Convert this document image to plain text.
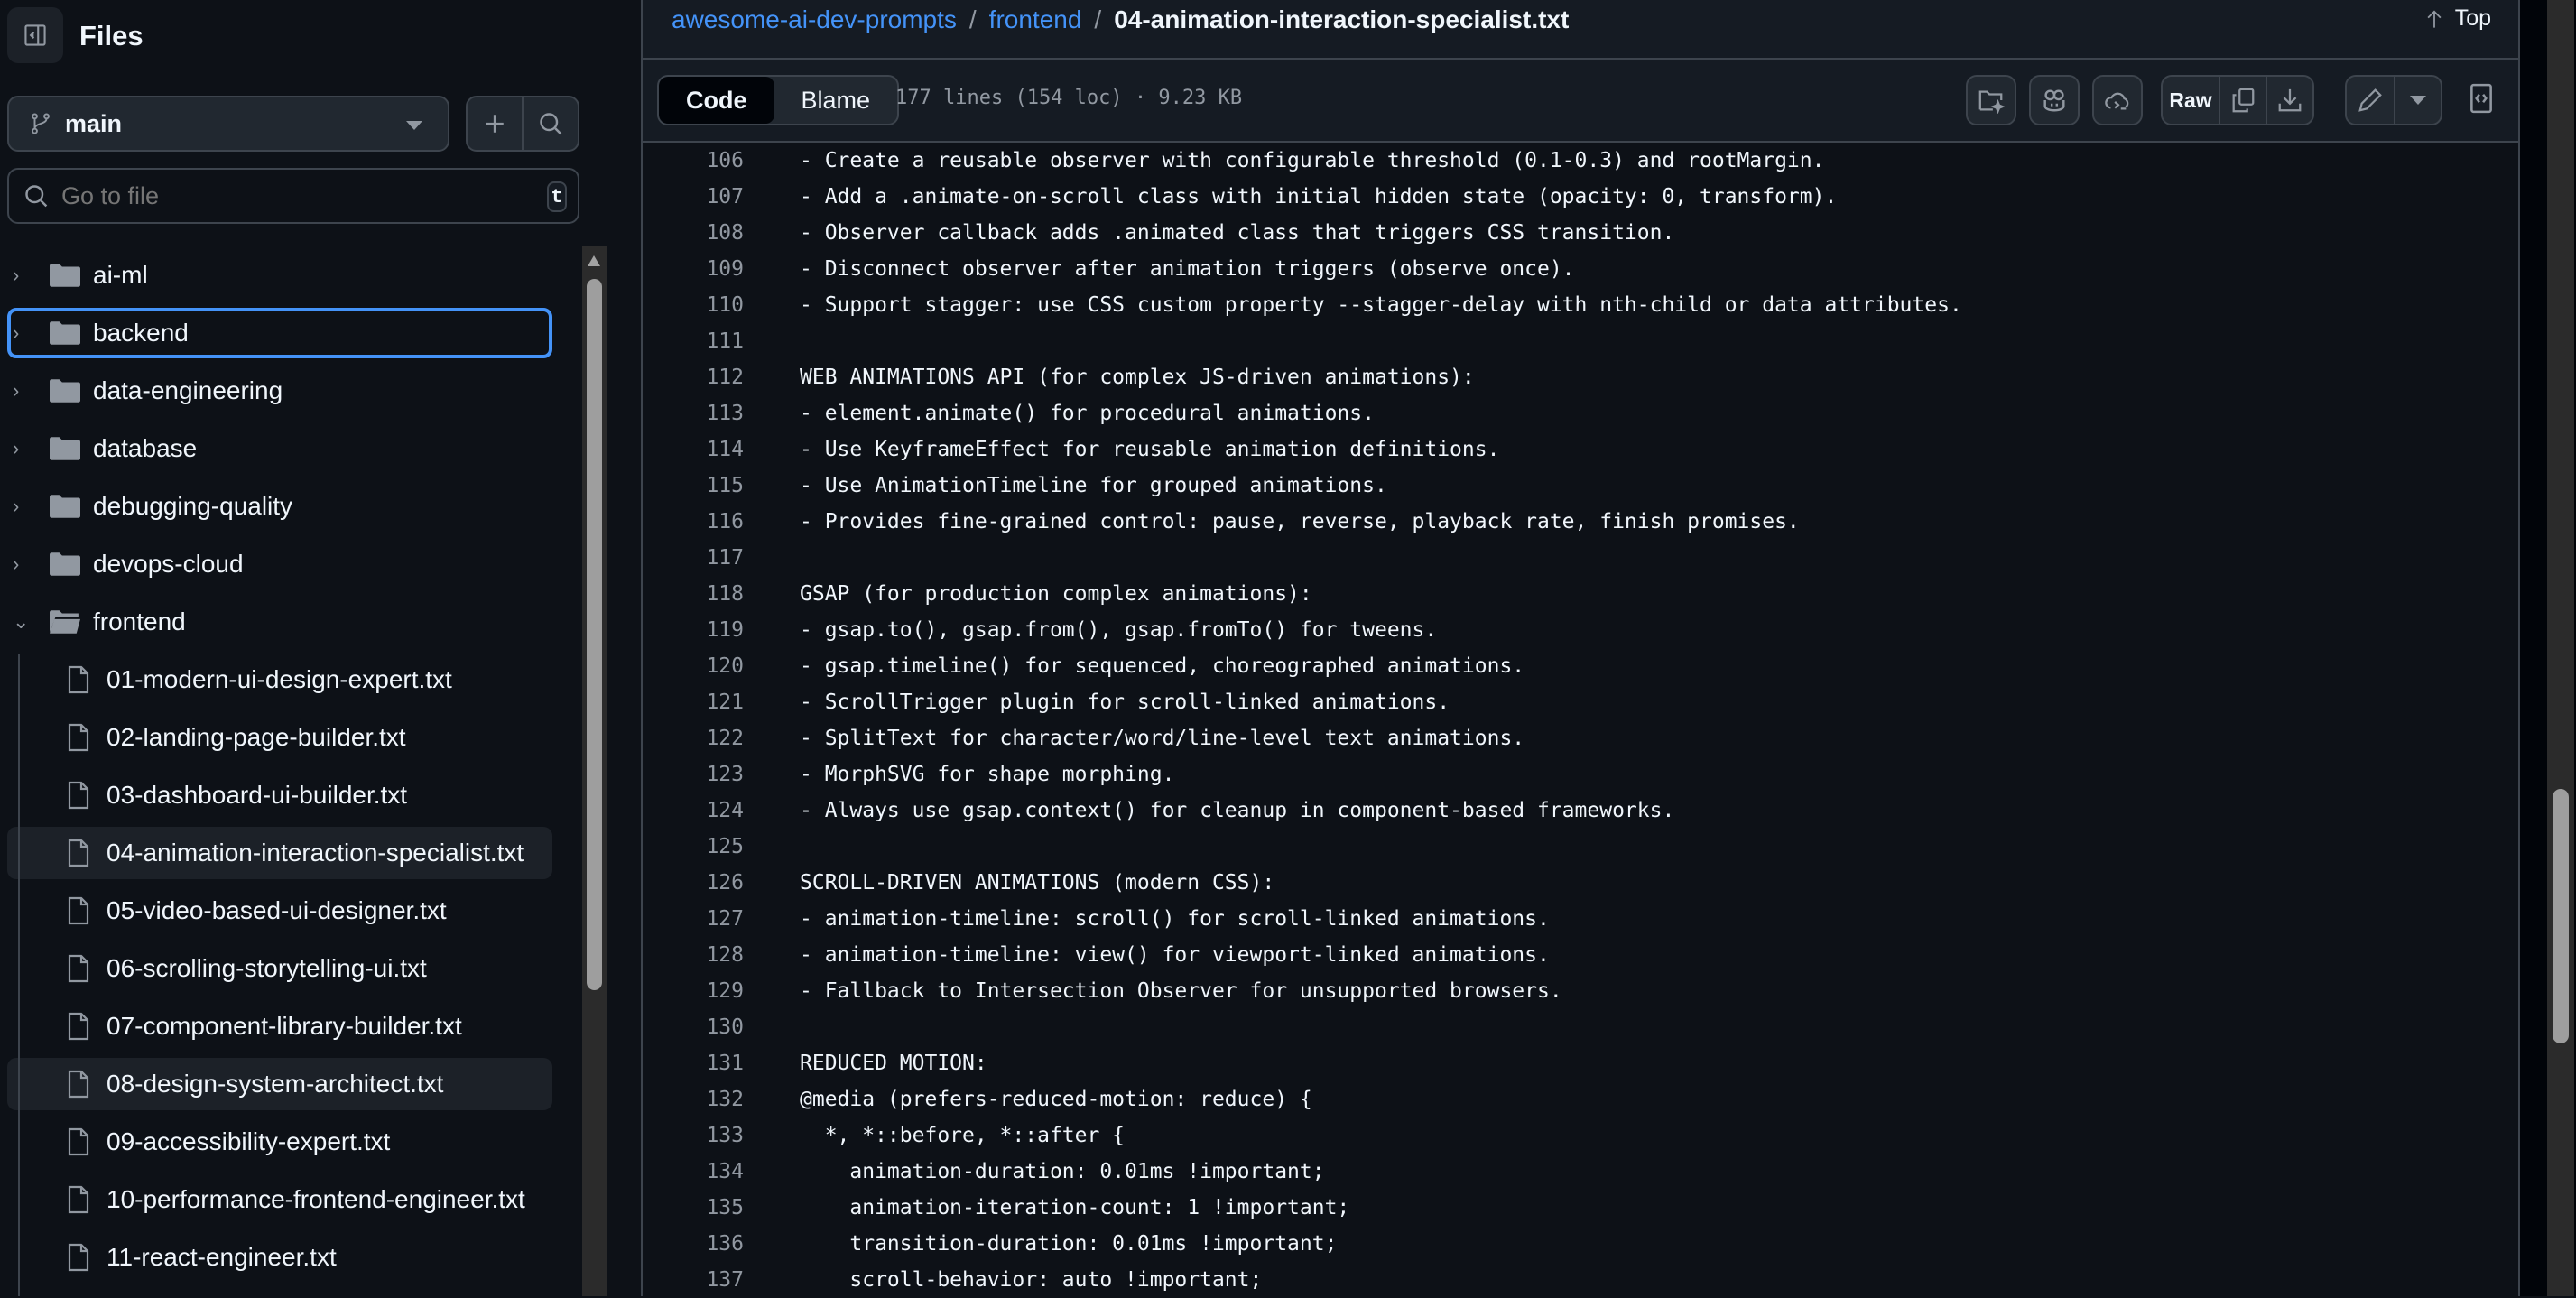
Files
main
Go to file
t
›	ai-ml
›	backend
›	data-engineering
›	database
›	debugging-quality
›	devops-cloud
⌄	frontend
01-modern-ui-design-expert.txt
02-landing-page-builder.txt
03-dashboard-ui-builder.txt
04-animation-interaction-specialist.txt
05-video-based-ui-designer.txt
06-scrolling-storytelling-ui.txt
07-component-library-builder.txt
08-design-system-architect.txt
09-accessibility-expert.txt
10-performance-frontend-engineer.txt
11-react-engineer.txt
awesome-ai-dev-prompts / frontend / 04-animation-interaction-specialist.txt	Top
Code	Blame	177 lines (154 loc) · 9.23 KB	Raw
106	- Create a reusable observer with configurable threshold (0.1-0.3) and rootMargin.
107	- Add a .animate-on-scroll class with initial hidden state (opacity: 0, transform).
108	- Observer callback adds .animated class that triggers CSS transition.
109	- Disconnect observer after animation triggers (observe once).
110	- Support stagger: use CSS custom property --stagger-delay with nth-child or data attributes.
111
112	WEB ANIMATIONS API (for complex JS-driven animations):
113	- element.animate() for procedural animations.
114	- Use KeyframeEffect for reusable animation definitions.
115	- Use AnimationTimeline for grouped animations.
116	- Provides fine-grained control: pause, reverse, playback rate, finish promises.
117
118	GSAP (for production complex animations):
119	- gsap.to(), gsap.from(), gsap.fromTo() for tweens.
120	- gsap.timeline() for sequenced, choreographed animations.
121	- ScrollTrigger plugin for scroll-linked animations.
122	- SplitText for character/word/line-level text animations.
123	- MorphSVG for shape morphing.
124	- Always use gsap.context() for cleanup in component-based frameworks.
125
126	SCROLL-DRIVEN ANIMATIONS (modern CSS):
127	- animation-timeline: scroll() for scroll-linked animations.
128	- animation-timeline: view() for viewport-linked animations.
129	- Fallback to Intersection Observer for unsupported browsers.
130
131	REDUCED MOTION:
132	@media (prefers-reduced-motion: reduce) {
133	*, *::before, *::after {
134	animation-duration: 0.01ms !important;
135	animation-iteration-count: 1 !important;
136	transition-duration: 0.01ms !important;
137	scroll-behavior: auto !important;
